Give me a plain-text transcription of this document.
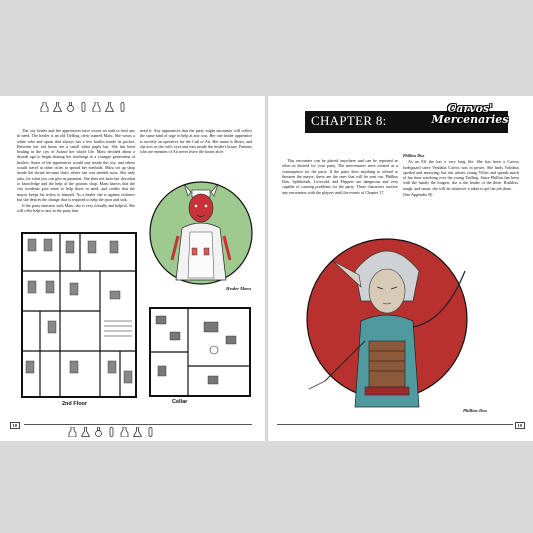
The city healer and her apprentices have sworn an oath to heal any in need. The healer is an old Tiefling cleric named Maru. She wears a white robe and apron that always has a few bottles inside its pocket. Between her red horns are a small white paper hat. She has been healing in the city of Arazar her whole life. Maru decided about a decade ago to begin sharing her teachings to a younger generation of healers. Some of the apprentices would stay inside the city, and others would travel to other cities to spread her methods. Maru set up shop inside the shrine because that's where she was needed most. She only asks, for what you can give in payment. She does not have her devotion to knowledge and the help of the potions shop. Maru knows that the city residents give more to help those in need, and credits that the mayor keeps his riches to himself. As a healer she is against violence but she desires the change that is required to help the poor and sick.

If the party interacts with Maru, she is very friendly and helpful. She will offer help to any in the party that

need it. Any apprentices that the party might encounter will reflect the same kind of urge to help at any cost. Her one healer apprentice is secretly an operative for the Cult of Ati. Her name is Shotti, and she acts as the cult's eyes and ears inside the healer's house. Patients who are enemies of Ati never leave the house alive.

Healer Maru
2nd Floor	Cellar
18
CHAPTER 8:
Carvos'
Mercenaries

This encounter can be placed anywhere and can be repeated as often as desired for your party. The mercenaries were created as a consequence for the party. If the party does anything to offend or threaten the mayor, these are the ones that will be sent out. Phillius Dux, Splitbreath, Lovecold, and Flippers are dangerous and very capable of causing problems for the party. These characters survive any encounters with the players until the events of Chapter 17.

Phillius Dux

As an Elf she has a very long life. She has been a Carvos bodyguard since Vendalia Carvos was in power. She finds Volodius spoiled and annoying, but she adores young Vilfus and spends much of her time watching over the young Tiefling. Since Phillius has been with the family the longest, she is the leader of the three. Ruthless, tough, and smart, she will do whatever it takes to get the job done.

(See Appendix B)

Phillius Dux
19
